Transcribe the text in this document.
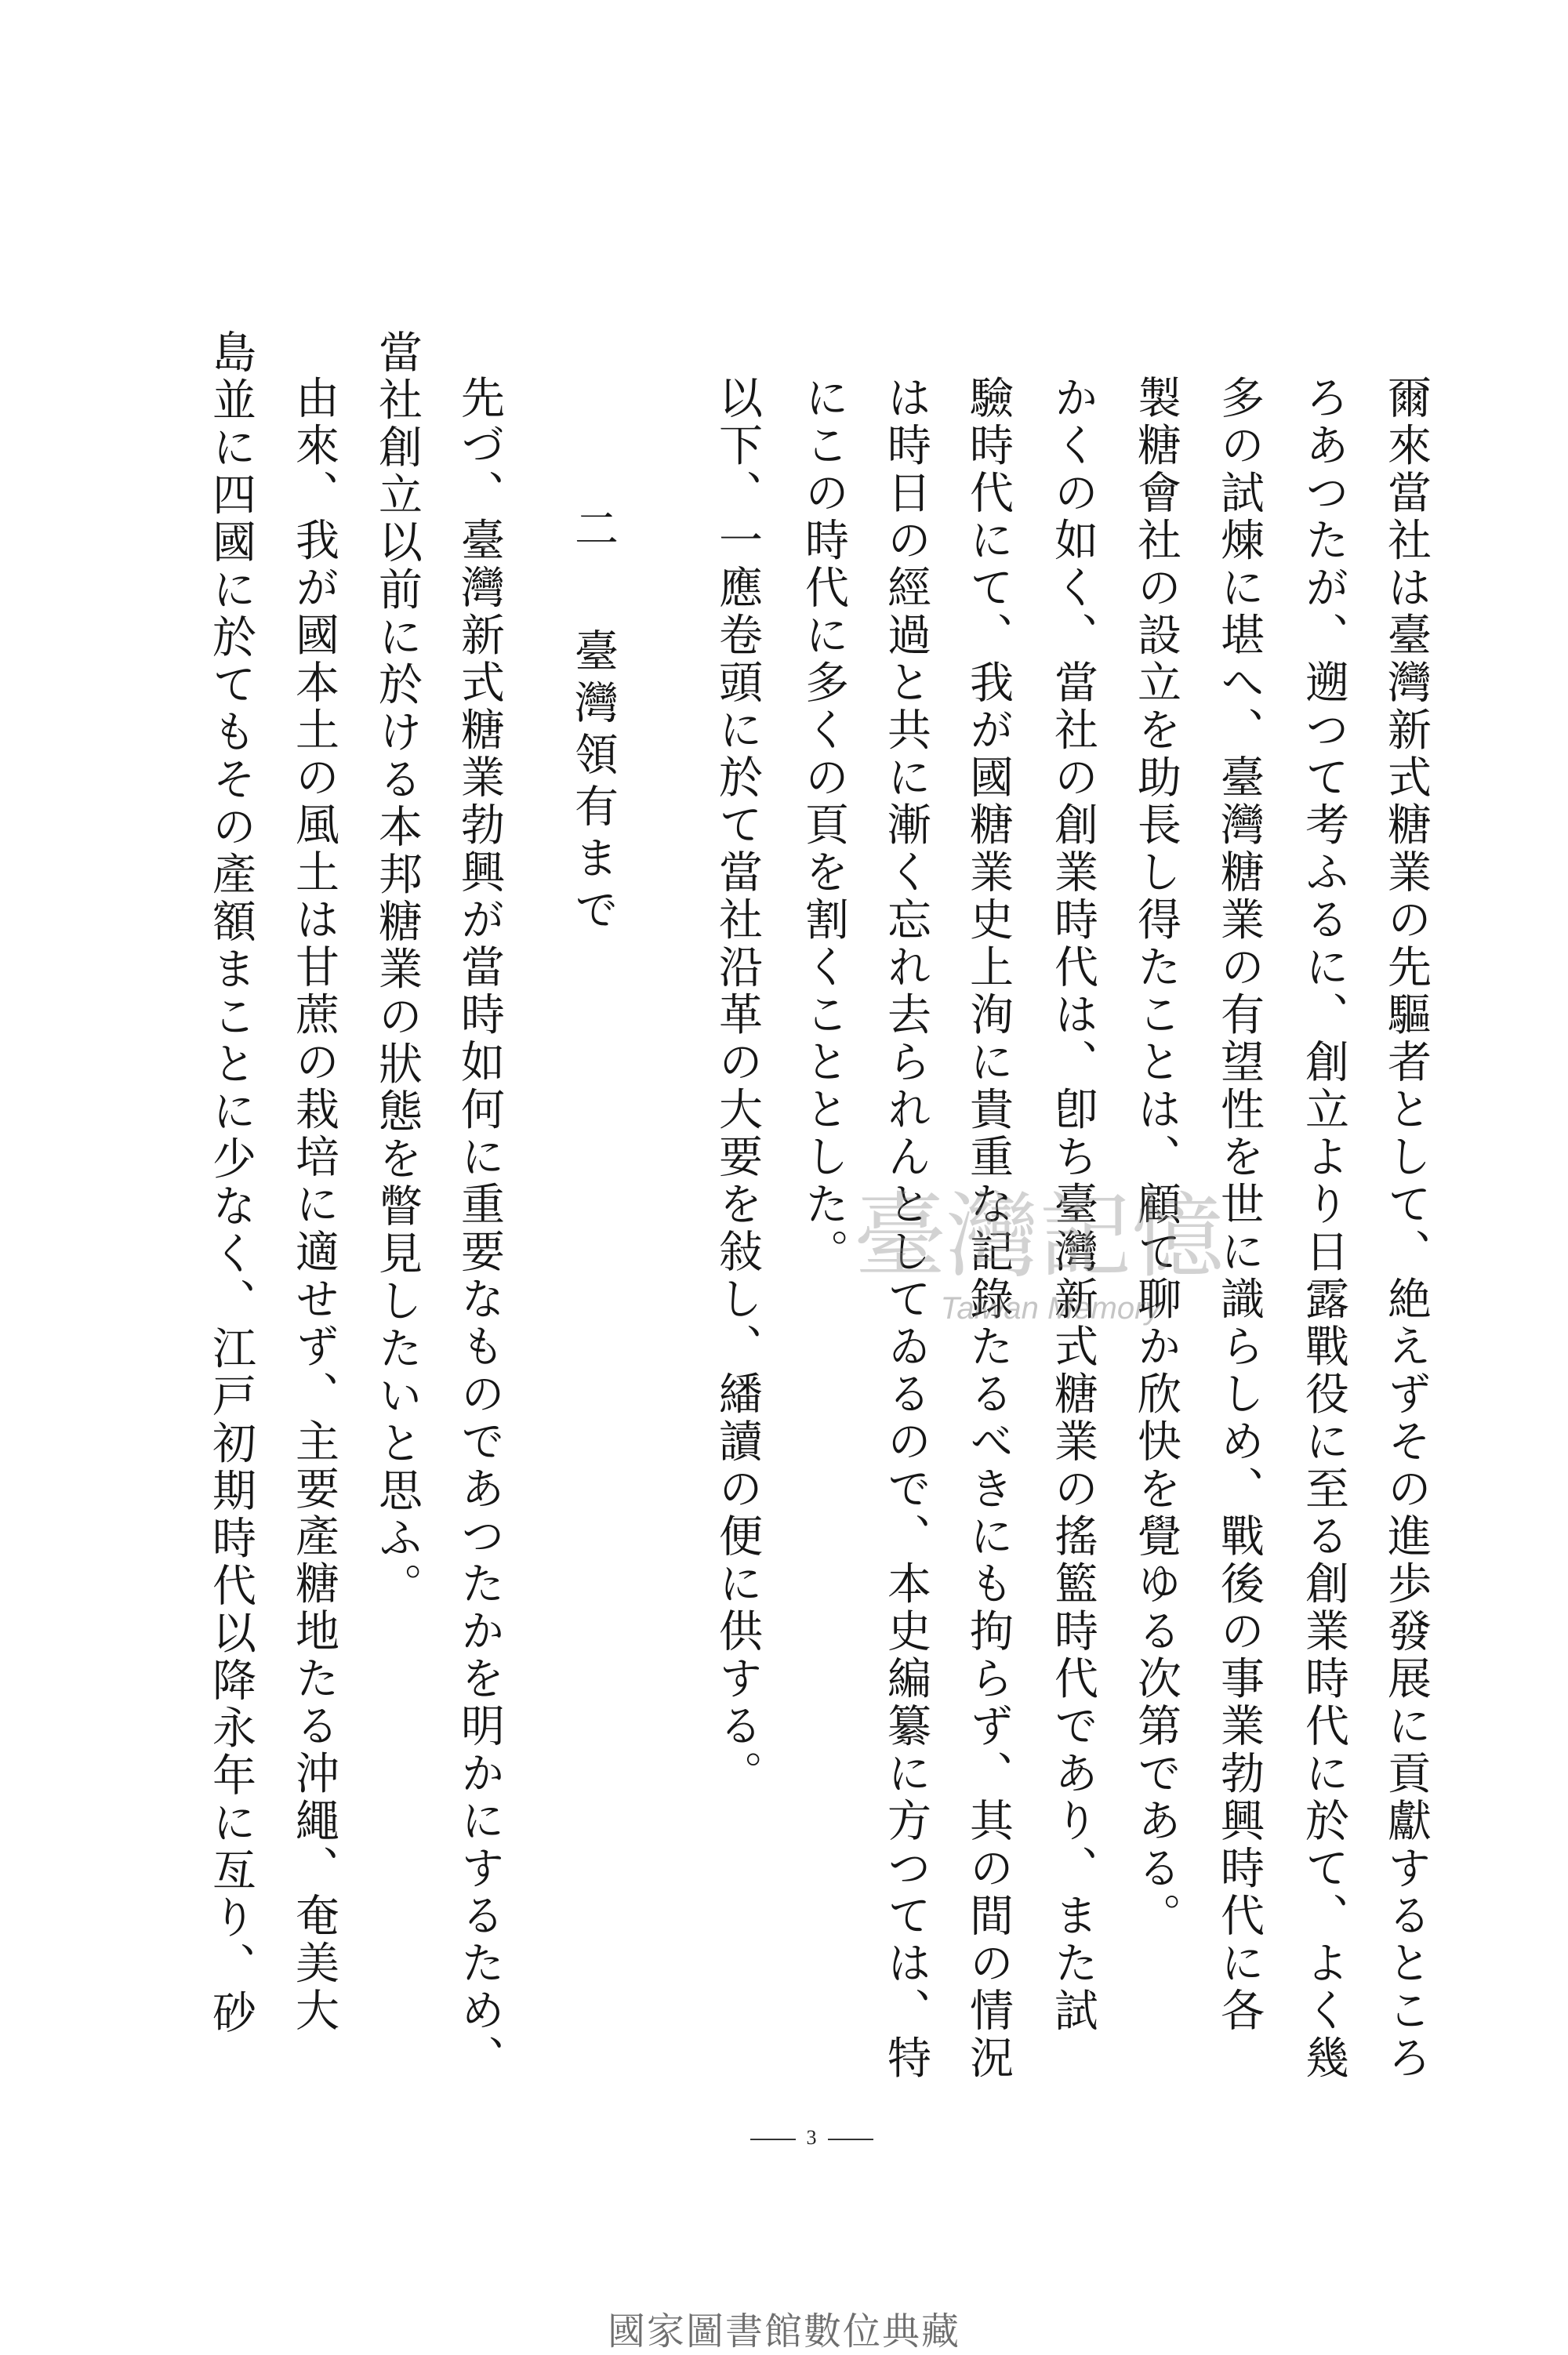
爾來當社は臺灣新式糖業の先驅者として、絶えずその進歩發展に貢獻するところ
ろあつたが、遡つて考ふるに、創立より日露戰役に至る創業時代に於て、よく幾
多の試煉に堪へ、臺灣糖業の有望性を世に識らしめ、戰後の事業勃興時代に各
製糖會社の設立を助長し得たことは、顧て聊か欣快を覺ゆる次第である。
かくの如く、當社の創業時代は、卽ち臺灣新式糖業の搖籃時代であり、また試
驗時代にて、我が國糖業史上洵に貴重な記錄たるべきにも拘らず、其の間の情況
は時日の經過と共に漸く忘れ去られんとしてゐるので、本史編纂に方つては、特
にこの時代に多くの頁を割くこととした。
以下、一應卷頭に於て當社沿革の大要を敍し、繙讀の便に供する。
二臺灣領有まで
先づ、臺灣新式糖業勃興が當時如何に重要なものであつたかを明かにするため、
當社創立以前に於ける本邦糖業の狀態を瞥見したいと思ふ。
由來、我が國本土の風土は甘蔗の栽培に適せず、主要產糖地たる沖繩、奄美大
島並に四國に於てもその產額まことに少なく、江戸初期時代以降永年に亙り、砂	臺灣記憶
Taiwan Memory
3
國家圖書館數位典藏
